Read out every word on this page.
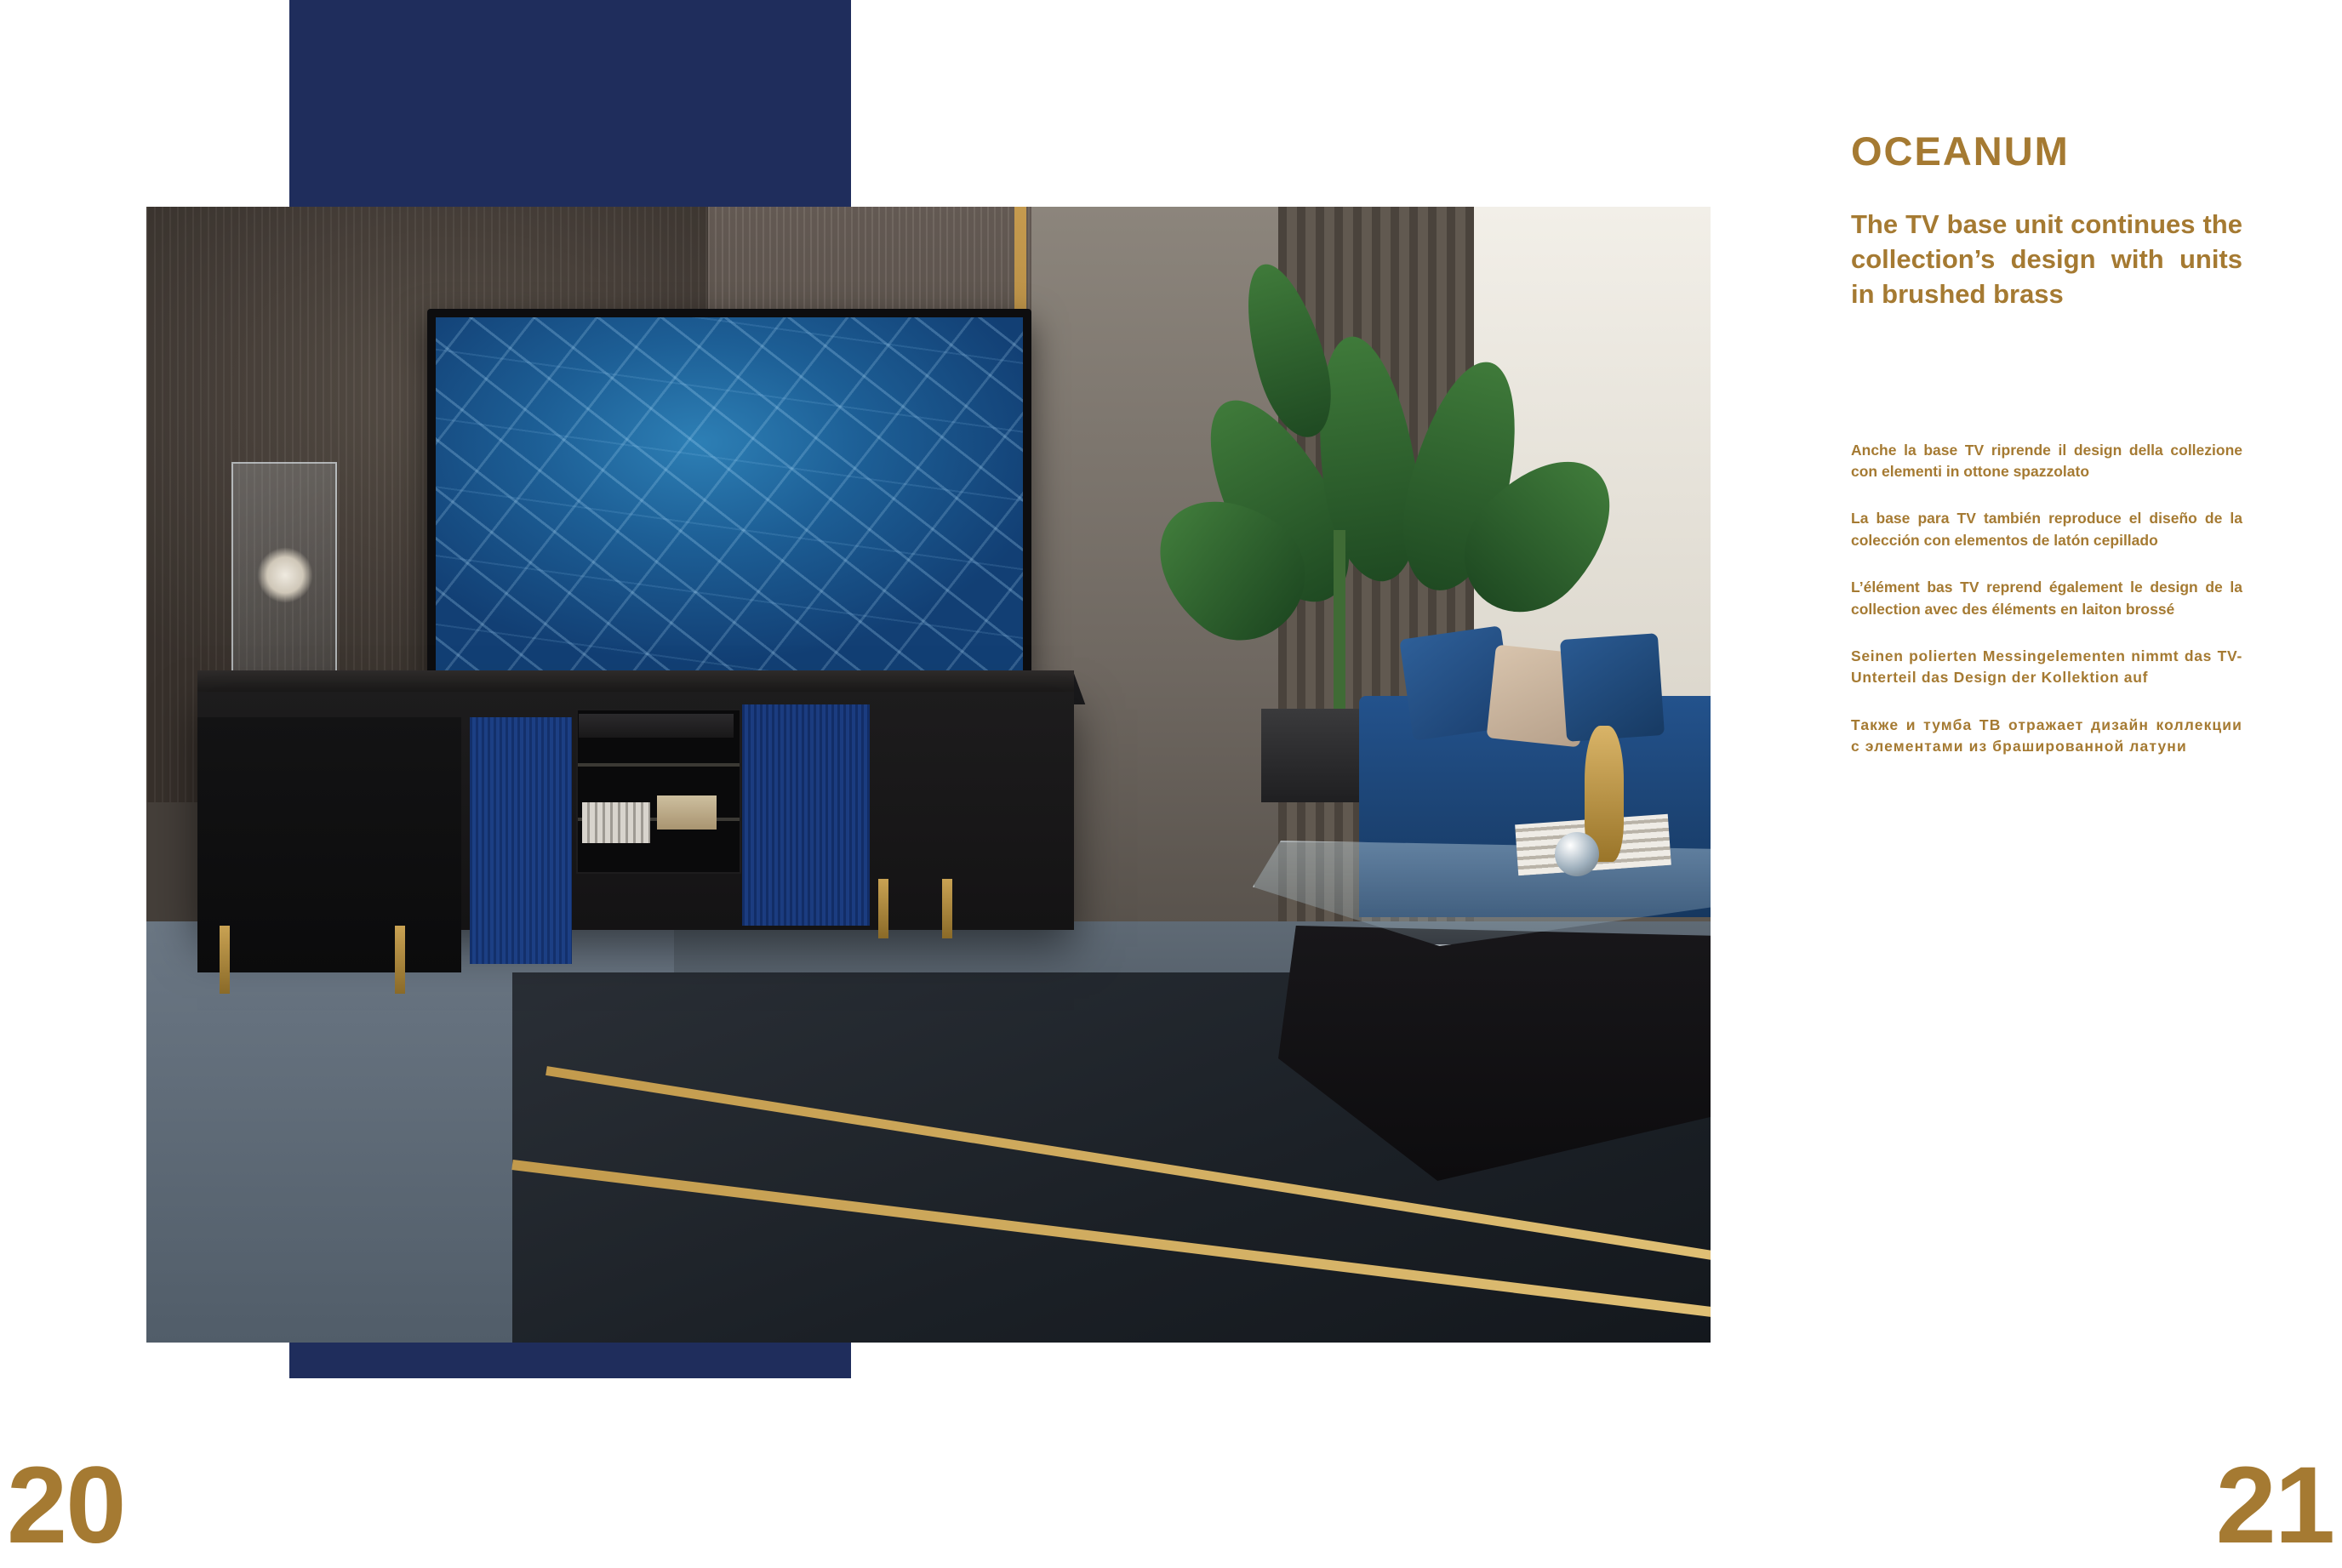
OCEANUM

The TV base unit continues the collection’s design with units in brushed brass

Anche la base TV riprende il design della collezione con elementi in ottone spazzolato

La base para TV también reproduce el diseño de la colección con elementos de latón cepillado

L’élément bas TV reprend également le design de la collection avec des éléments en laiton brossé

Seinen polierten Messingelementen nimmt das TV-Unterteil das Design der Kollektion auf

Также и тумба ТВ отражает дизайн коллекции с элементами из брашированной латуни

20	21
